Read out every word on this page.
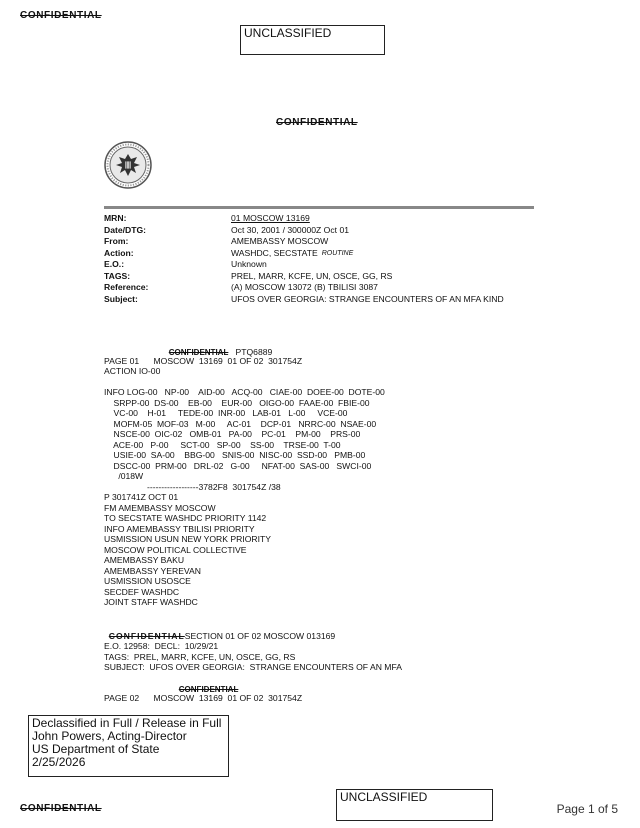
CONFIDENTIAL
UNCLASSIFIED
CONFIDENTIAL
MRN:	01 MOSCOW 13169
Date/DTG:	Oct 30, 2001 / 300000Z Oct 01
From:	AMEMBASSY MOSCOW
Action:	WASHDC, SECSTATE ROUTINE
E.O.:	Unknown
TAGS:	PREL, MARR, KCFE, UN, OSCE, GG, RS
Reference:	(A) MOSCOW 13072 (B) TBILISI 3087
Subject:	UFOS OVER GEORGIA: STRANGE ENCOUNTERS OF AN MFA KIND

CONFIDENTIAL PTQ6889

PAGE 01      MOSCOW  13169  01 OF 02  301754Z
ACTION IO-00
INFO LOG-00   NP-00    AID-00   ACQ-00   CIAE-00  DOEE-00  DOTE-00
SRPP-00  DS-00    EB-00    EUR-00   OIGO-00  FAAE-00  FBIE-00
VC-00    H-01     TEDE-00  INR-00   LAB-01   L-00     VCE-00
MOFM-05  MOF-03   M-00     AC-01    DCP-01   NRRC-00  NSAE-00
NSCE-00  OIC-02   OMB-01   PA-00    PC-01    PM-00    PRS-00
ACE-00   P-00     SCT-00   SP-00    SS-00    TRSE-00  T-00
USIE-00  SA-00    BBG-00   SNIS-00  NISC-00  SSD-00   PMB-00
DSCC-00  PRM-00   DRL-02   G-00     NFAT-00  SAS-00   SWCI-00
/018W
------------------3782F8  301754Z /38
P 301741Z OCT 01
FM AMEMBASSY MOSCOW
TO SECSTATE WASHDC PRIORITY 1142
INFO AMEMBASSY TBILISI PRIORITY
USMISSION USUN NEW YORK PRIORITY
MOSCOW POLITICAL COLLECTIVE
AMEMBASSY BAKU
AMEMBASSY YEREVAN
USMISSION USOSCE
SECDEF WASHDC
JOINT STAFF WASHDC

CONFIDENTIALSECTION 01 OF 02 MOSCOW 013169

E.O. 12958:  DECL:  10/29/21
TAGS:  PREL, MARR, KCFE, UN, OSCE, GG, RS
SUBJECT:  UFOS OVER GEORGIA:  STRANGE ENCOUNTERS OF AN MFA

CONFIDENTIAL

PAGE 02      MOSCOW  13169  01 OF 02  301754Z
Declassified in Full / Release in Full
John Powers, Acting-Director
US Department of State
2/25/2026
CONFIDENTIAL
UNCLASSIFIED
Page 1 of 5
